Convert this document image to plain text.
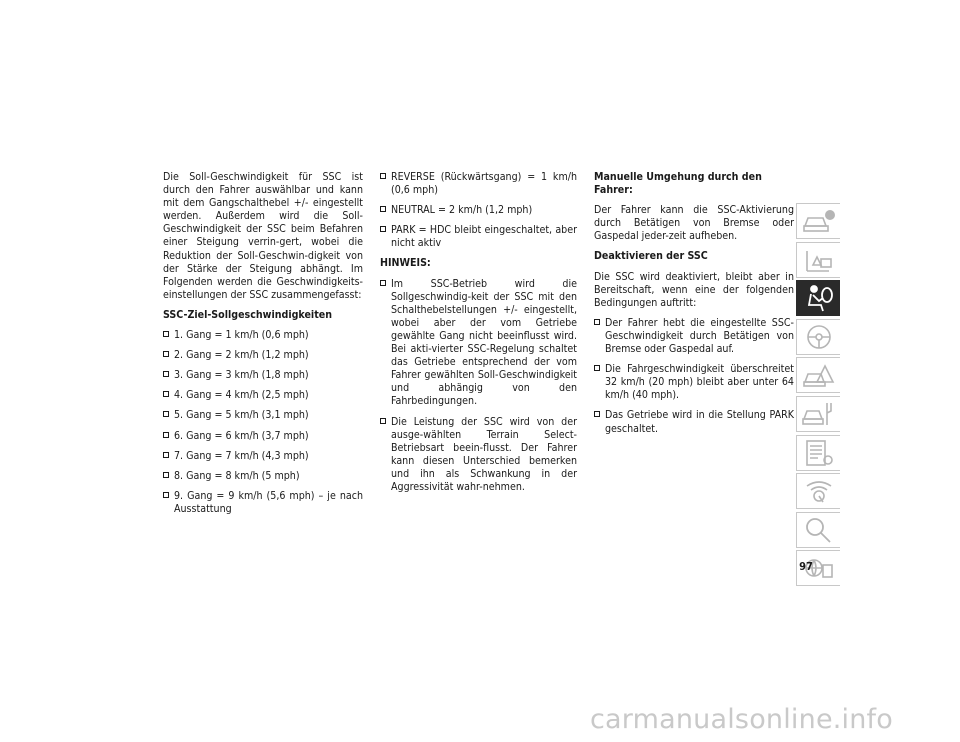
Die Soll-Geschwindigkeit für SSC ist durch den Fahrer auswählbar und kann mit dem Gangschalthebel +/- eingestellt werden. Außerdem wird die Soll-Geschwindigkeit der SSC beim Befahren einer Steigung verrin-gert, wobei die Reduktion der Soll-Geschwin-digkeit von der Stärke der Steigung abhängt. Im Folgenden werden die Geschwindigkeits-einstellungen der SSC zusammengefasst:

SSC-Ziel-Sollgeschwindigkeiten
1. Gang = 1 km/h (0,6 mph)
2. Gang = 2 km/h (1,2 mph)
3. Gang = 3 km/h (1,8 mph)
4. Gang = 4 km/h (2,5 mph)
5. Gang = 5 km/h (3,1 mph)
6. Gang = 6 km/h (3,7 mph)
7. Gang = 7 km/h (4,3 mph)
8. Gang = 8 km/h (5 mph)
9. Gang = 9 km/h (5,6 mph) – je nach Ausstattung
REVERSE (Rückwärtsgang) = 1 km/h (0,6 mph)
NEUTRAL = 2 km/h (1,2 mph)
PARK = HDC bleibt eingeschaltet, aber nicht aktiv
HINWEIS:
Im SSC-Betrieb wird die Sollgeschwindig-keit der SSC mit den Schalthebelstellungen +/- eingestellt, wobei aber der vom Getriebe gewählte Gang nicht beeinflusst wird. Bei akti-vierter SSC-Regelung schaltet das Getriebe entsprechend der vom Fahrer gewählten Soll-Geschwindigkeit und abhängig von den Fahrbedingungen.
Die Leistung der SSC wird von der ausge-wählten Terrain Select-Betriebsart beein-flusst. Der Fahrer kann diesen Unterschied bemerken und ihn als Schwankung in der Aggressivität wahr-nehmen.
Manuelle Umgehung durch den Fahrer:

Der Fahrer kann die SSC-Aktivierung durch Betätigen von Bremse oder Gaspedal jeder-zeit aufheben.

Deaktivieren der SSC

Die SSC wird deaktiviert, bleibt aber in Bereitschaft, wenn eine der folgenden Bedingungen auftritt:

Der Fahrer hebt die eingestellte SSC-Geschwindigkeit durch Betätigen von Bremse oder Gaspedal auf.
Die Fahrgeschwindigkeit überschreitet 32 km/h (20 mph) bleibt aber unter 64 km/h (40 mph).
Das Getriebe wird in die Stellung PARK geschaltet.
97
carmanualsonline.info
